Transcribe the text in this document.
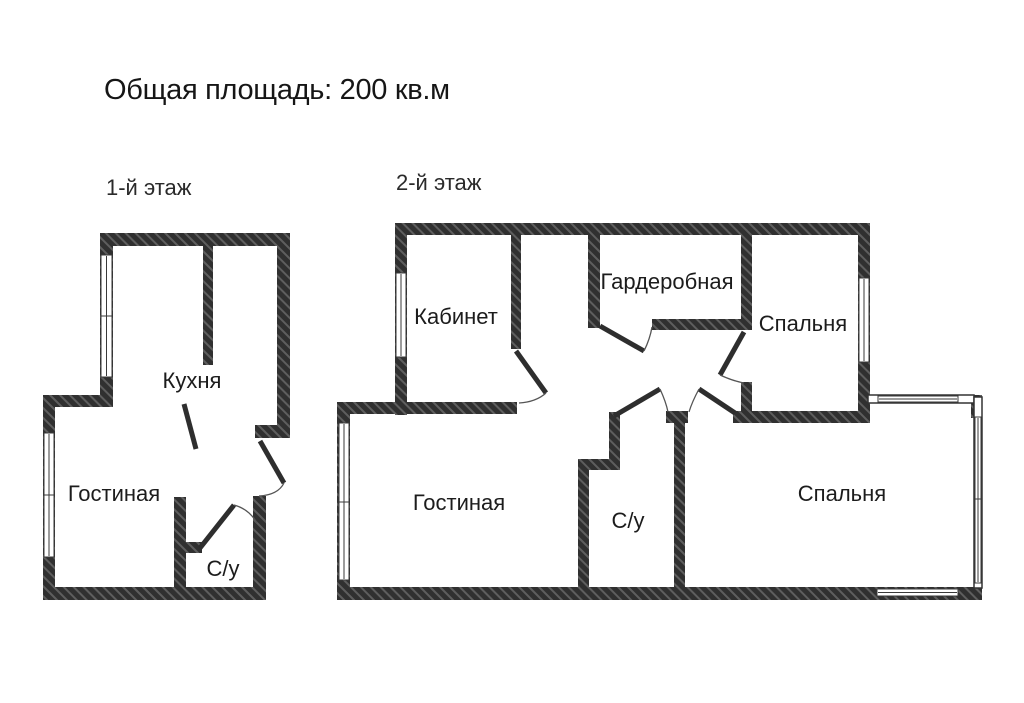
Общая площадь: 200 кв.м
1-й этаж	2-й этаж
Кухня
Гостиная
С/у
Кабинет
Гардеробная
Спальня
Гостиная
С/у
Спальня
